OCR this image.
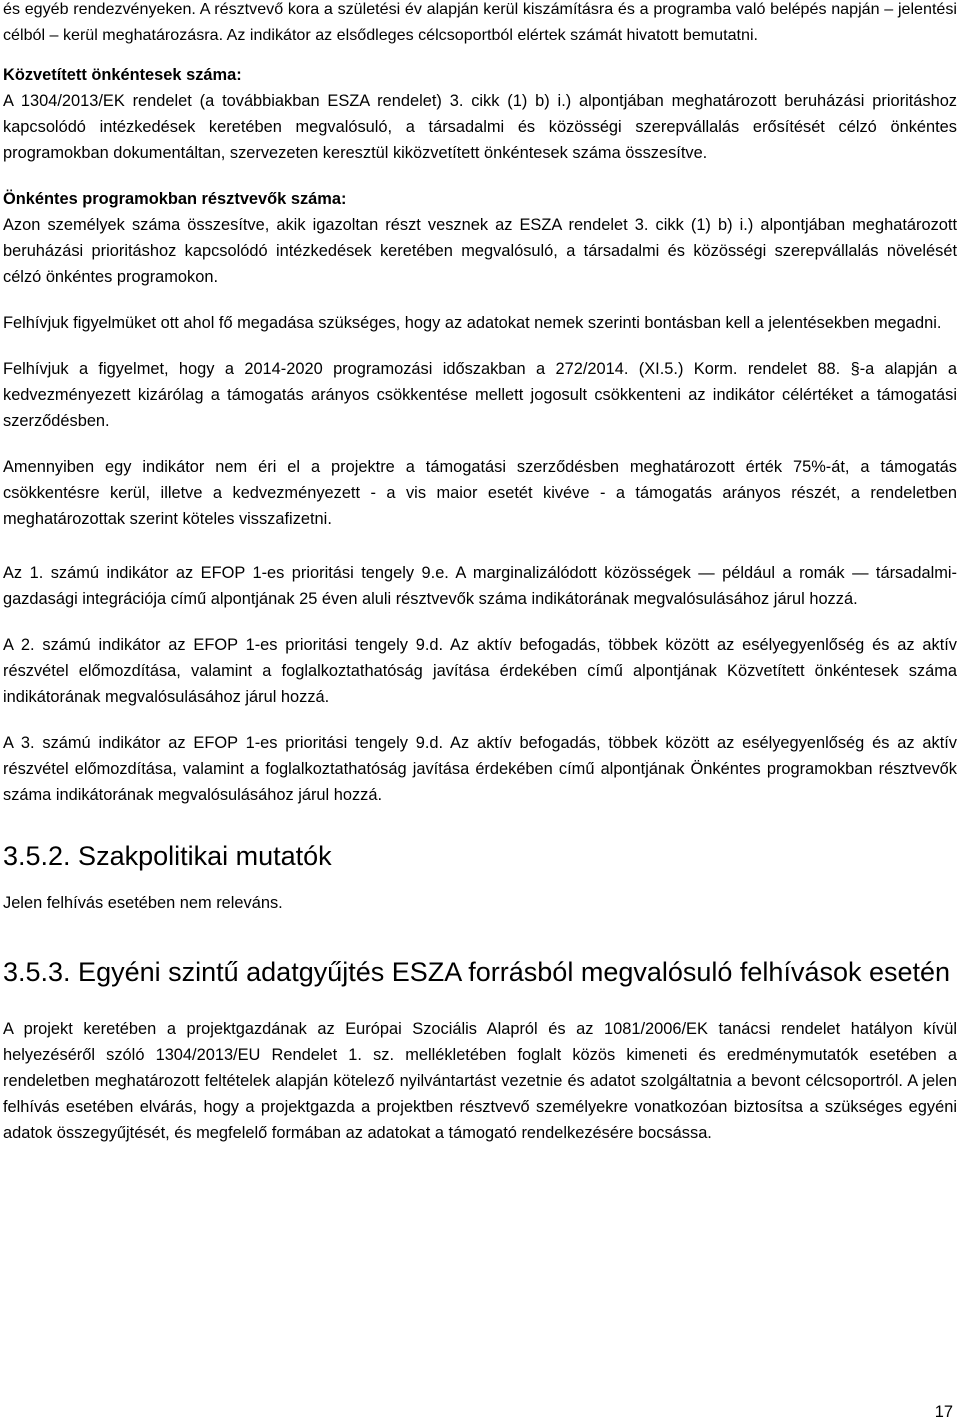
és egyéb rendezvényeken. A résztvevő kora a születési év alapján kerül kiszámításra és a programba való belépés napján – jelentési célból – kerül meghatározásra. Az indikátor az elsődleges célcsoportból elértek számát hivatott bemutatni.

Közvetített önkéntesek száma:

A 1304/2013/EK rendelet (a továbbiakban ESZA rendelet) 3. cikk (1) b) i.) alpontjában meghatározott beruházási prioritáshoz kapcsolódó intézkedések keretében megvalósuló, a társadalmi és közösségi szerepvállalás erősítését célzó önkéntes programokban dokumentáltan, szervezeten keresztül kiközvetített önkéntesek száma összesítve.

Önkéntes programokban résztvevők száma:

Azon személyek száma összesítve, akik igazoltan részt vesznek az ESZA rendelet 3. cikk (1) b) i.) alpontjában meghatározott beruházási prioritáshoz kapcsolódó intézkedések keretében megvalósuló, a társadalmi és közösségi szerepvállalás növelését célzó önkéntes programokon.

Felhívjuk figyelmüket ott ahol fő megadása szükséges, hogy az adatokat nemek szerinti bontásban kell a jelentésekben megadni.

Felhívjuk a figyelmet, hogy a 2014-2020 programozási időszakban a 272/2014. (XI.5.) Korm. rendelet 88. §-a alapján a kedvezményezett kizárólag a támogatás arányos csökkentése mellett jogosult csökkenteni az indikátor célértéket a támogatási szerződésben.

Amennyiben egy indikátor nem éri el a projektre a támogatási szerződésben meghatározott érték 75%-át, a támogatás csökkentésre kerül, illetve a kedvezményezett - a vis maior esetét kivéve - a támogatás arányos részét, a rendeletben meghatározottak szerint köteles visszafizetni.

Az 1. számú indikátor az EFOP 1-es prioritási tengely 9.e. A marginalizálódott közösségek — például a romák — társadalmi-gazdasági integrációja című alpontjának 25 éven aluli résztvevők száma indikátorának megvalósulásához járul hozzá.

A 2. számú indikátor az EFOP 1-es prioritási tengely 9.d. Az aktív befogadás, többek között az esélyegyenlőség és az aktív részvétel előmozdítása, valamint a foglalkoztathatóság javítása érdekében című alpontjának Közvetített önkéntesek száma indikátorának megvalósulásához járul hozzá.

A 3. számú indikátor az EFOP 1-es prioritási tengely 9.d. Az aktív befogadás, többek között az esélyegyenlőség és az aktív részvétel előmozdítása, valamint a foglalkoztathatóság javítása érdekében című alpontjának Önkéntes programokban résztvevők száma indikátorának megvalósulásához járul hozzá.

3.5.2. Szakpolitikai mutatók

Jelen felhívás esetében nem releváns.

3.5.3. Egyéni szintű adatgyűjtés ESZA forrásból megvalósuló felhívások esetén

A projekt keretében a projektgazdának az Európai Szociális Alapról és az 1081/2006/EK tanácsi rendelet hatályon kívül helyezéséről szóló 1304/2013/EU Rendelet 1. sz. mellékletében foglalt közös kimeneti és eredménymutatók esetében a rendeletben meghatározott feltételek alapján kötelező nyilvántartást vezetnie és adatot szolgáltatnia a bevont célcsoportról. A jelen felhívás esetében elvárás, hogy a projektgazda a projektben résztvevő személyekre vonatkozóan biztosítsa a szükséges egyéni adatok összegyűjtését, és megfelelő formában az adatokat a támogató rendelkezésére bocsássa.

17
